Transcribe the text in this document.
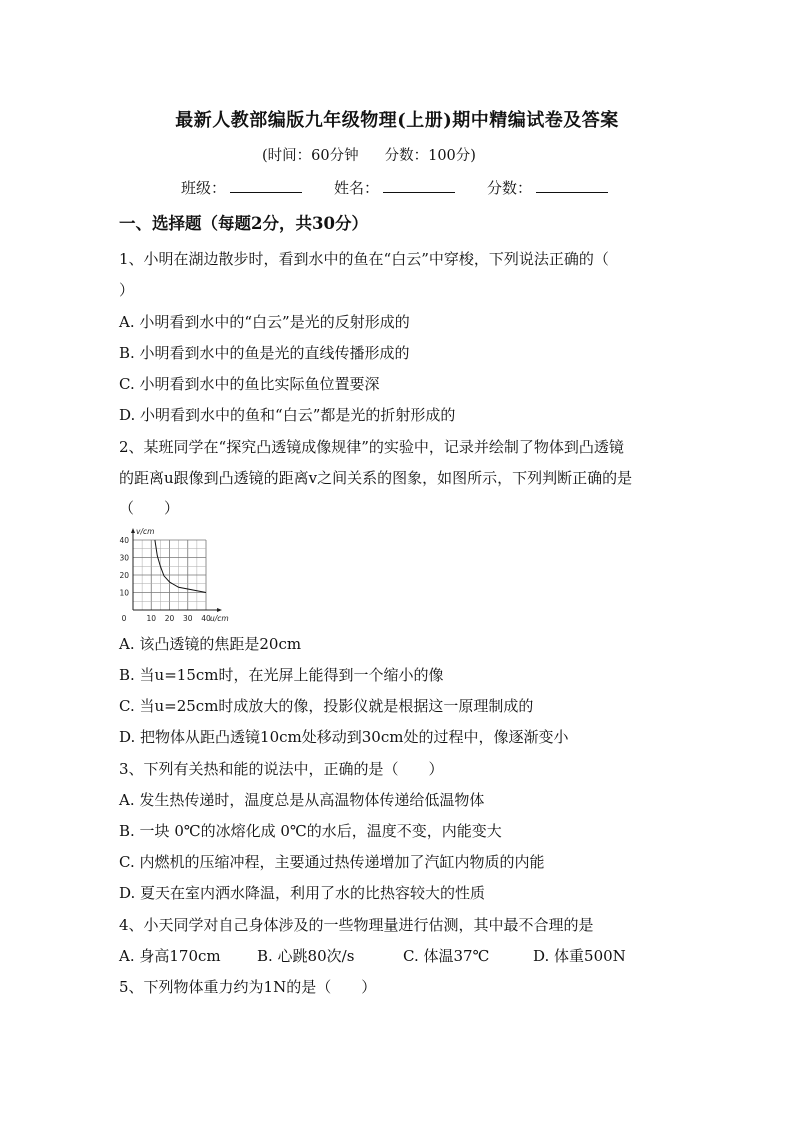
最新人教部编版九年级物理(上册)期中精编试卷及答案
(时间：60分钟 分数：100分)
班级：	姓名：	分数：
一、选择题（每题2分，共30分）
1、小明在湖边散步时，看到水中的鱼在“白云”中穿梭，下列说法正确的（
）
A. 小明看到水中的“白云”是光的反射形成的
B. 小明看到水中的鱼是光的直线传播形成的
C. 小明看到水中的鱼比实际鱼位置要深
D. 小明看到水中的鱼和“白云”都是光的折射形成的
2、某班同学在“探究凸透镜成像规律”的实验中，记录并绘制了物体到凸透镜
的距离u跟像到凸透镜的距离v之间关系的图象，如图所示，下列判断正确的是
（　　）
0	10 20 30 40
10
20
30
40
u/cm
v/cm
A. 该凸透镜的焦距是20cm
B. 当u=15cm时，在光屏上能得到一个缩小的像
C. 当u=25cm时成放大的像，投影仪就是根据这一原理制成的
D. 把物体从距凸透镜10cm处移动到30cm处的过程中，像逐渐变小
3、下列有关热和能的说法中，正确的是（　　）
A. 发生热传递时，温度总是从高温物体传递给低温物体
B. 一块 0℃的冰熔化成 0℃的水后，温度不变，内能变大
C. 内燃机的压缩冲程，主要通过热传递增加了汽缸内物质的内能
D. 夏天在室内洒水降温，利用了水的比热容较大的性质
4、小天同学对自己身体涉及的一些物理量进行估测，其中最不合理的是
A. 身高170cm B. 心跳80次/s	C. 体温37℃	D. 体重500N
5、下列物体重力约为1N的是（　　）
